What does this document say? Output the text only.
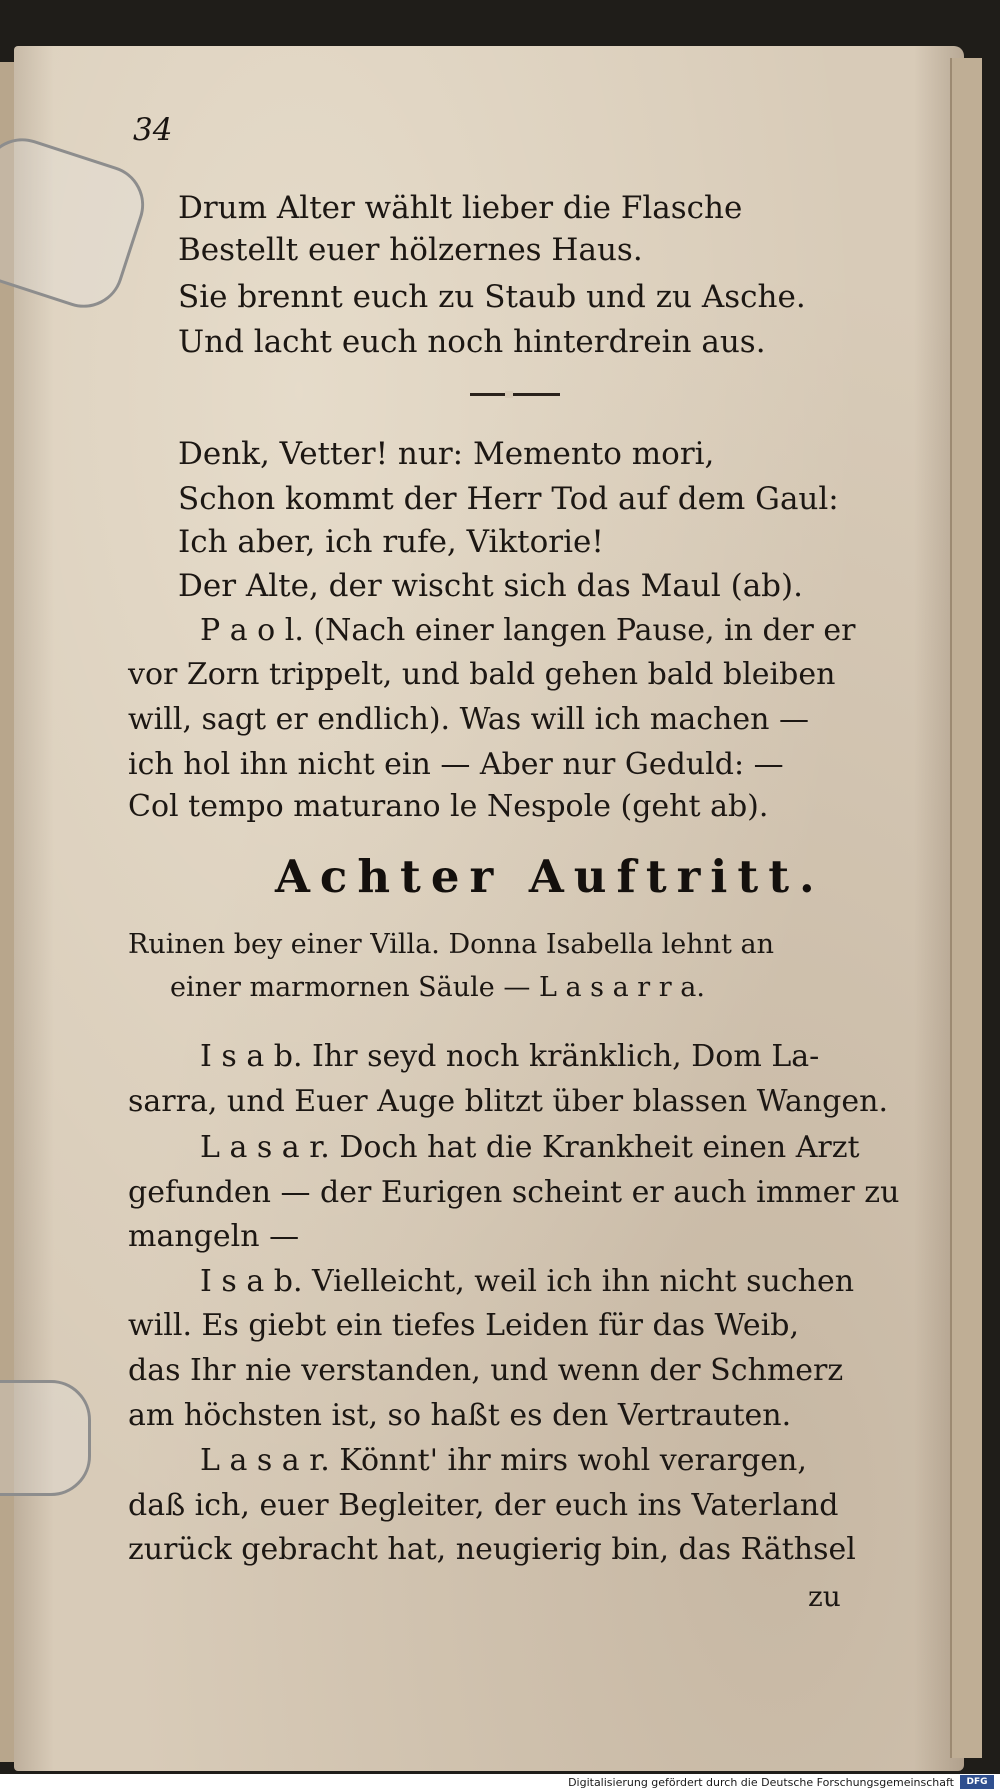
34
Drum Alter wählt lieber die Flasche
Bestellt euer hölzernes Haus.
Sie brennt euch zu Staub und zu Asche.
Und lacht euch noch hinterdrein aus.
Denk, Vetter! nur: Memento mori,
Schon kommt der Herr Tod auf dem Gaul:
Ich aber, ich rufe, Viktorie!
Der Alte, der wischt sich das Maul (ab).
P a o l. (Nach einer langen Pause, in der er
vor Zorn trippelt, und bald gehen bald bleiben
will, sagt er endlich). Was will ich machen —
ich hol ihn nicht ein — Aber nur Geduld: —
Col tempo maturano le Nespole (geht ab).
Achter Auftritt.
Ruinen bey einer Villa. Donna Isabella lehnt an
einer marmornen Säule — L a s a r r a.
I s a b. Ihr seyd noch kränklich, Dom La-
sarra, und Euer Auge blitzt über blassen Wangen.
L a s a r. Doch hat die Krankheit einen Arzt
gefunden — der Eurigen scheint er auch immer zu
mangeln —
I s a b. Vielleicht, weil ich ihn nicht suchen
will. Es giebt ein tiefes Leiden für das Weib,
das Ihr nie verstanden, und wenn der Schmerz
am höchsten ist, so haßt es den Vertrauten.
L a s a r. Könnt' ihr mirs wohl verargen,
daß ich, euer Begleiter, der euch ins Vaterland
zurück gebracht hat, neugierig bin, das Räthsel
zu
Digitalisierung gefördert durch die Deutsche Forschungsgemeinschaft	DFG
